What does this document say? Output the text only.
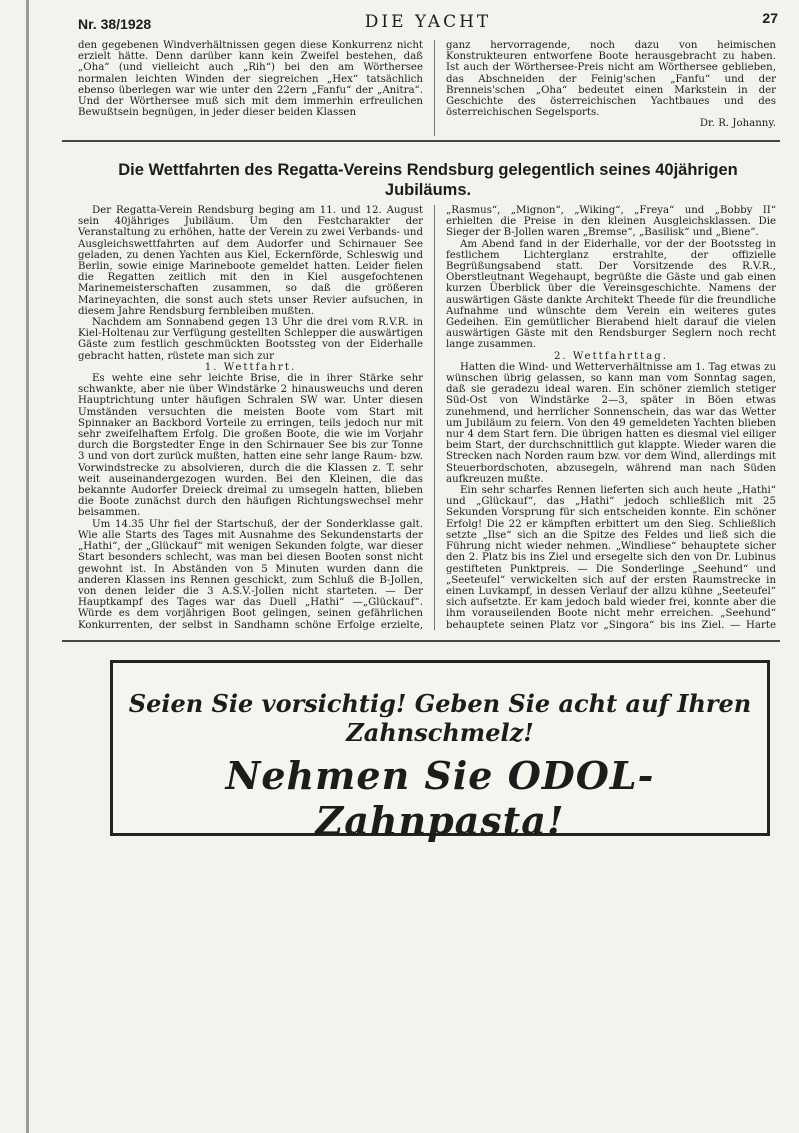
Nr. 38/1928	DIE YACHT	27

den gegebenen Windverhältnissen gegen diese Konkurrenz nicht erzielt hätte. Denn darüber kann kein Zweifel bestehen, daß „Oha“ (und vielleicht auch „Rih“) bei den am Wörthersee normalen leichten Winden der siegreichen „Hex“ tatsächlich ebenso überlegen war wie unter den 22ern „Fanfu“ der „Anitra“. Und der Wörthersee muß sich mit dem immerhin erfreulichen Bewußtsein begnügen, in jeder dieser beiden Klassen

ganz hervorragende, noch dazu von heimischen Konstrukteuren entworfene Boote herausgebracht zu haben. Ist auch der Wörthersee-Preis nicht am Wörthersee geblieben, das Abschneiden der Feinig'schen „Fanfu“ und der Brenneis'schen „Oha“ bedeutet einen Markstein in der Geschichte des österreichischen Yachtbaues und des österreichischen Segelsports.

Dr. R. Johanny.

Die Wettfahrten des Regatta-Vereins Rendsburg gelegentlich seines 40jährigen Jubiläums.

Der Regatta-Verein Rendsburg beging am 11. und 12. August sein 40jähriges Jubiläum. Um den Festcharakter der Veranstaltung zu erhöhen, hatte der Verein zu zwei Verbands- und Ausgleichswettfahrten auf dem Audorfer und Schirnauer See geladen, zu denen Yachten aus Kiel, Eckernförde, Schleswig und Berlin, sowie einige Marineboote gemeldet hatten. Leider fielen die Regatten zeitlich mit den in Kiel ausgefochtenen Marinemeisterschaften zusammen, so daß die größeren Marineyachten, die sonst auch stets unser Revier aufsuchen, in diesem Jahre Rendsburg fernbleiben mußten.

Nachdem am Sonnabend gegen 13 Uhr die drei vom R.V.R. in Kiel-Holtenau zur Verfügung gestellten Schlepper die auswärtigen Gäste zum festlich geschmückten Bootssteg von der Eiderhalle gebracht hatten, rüstete man sich zur

1. Wettfahrt.

Es wehte eine sehr leichte Brise, die in ihrer Stärke sehr schwankte, aber nie über Windstärke 2 hinausweuchs und deren Hauptrichtung unter häufigen Schralen SW war. Unter diesen Umständen versuchten die meisten Boote vom Start mit Spinnaker an Backbord Vorteile zu erringen, teils jedoch nur mit sehr zweifelhaftem Erfolg. Die großen Boote, die wie im Vorjahr durch die Borgstedter Enge in den Schirnauer See bis zur Tonne 3 und von dort zurück mußten, hatten eine sehr lange Raum- bzw. Vorwindstrecke zu absolvieren, durch die die Klassen z. T. sehr weit auseinandergezogen wurden. Bei den Kleinen, die das bekannte Audorfer Dreieck dreimal zu umsegeln hatten, blieben die Boote zunächst durch den häufigen Richtungswechsel mehr beisammen.

Um 14.35 Uhr fiel der Startschuß, der der Sonderklasse galt. Wie alle Starts des Tages mit Ausnahme des Sekundenstarts der „Hathi“, der „Glückauf“ mit wenigen Sekunden folgte, war dieser Start besonders schlecht, was man bei diesen Booten sonst nicht gewohnt ist. In Abständen von 5 Minuten wurden dann die anderen Klassen ins Rennen geschickt, zum Schluß die B-Jollen, von denen leider die 3 A.S.V.-Jollen nicht starteten. — Der Hauptkampf des Tages war das Duell „Hathi“ —„Glückauf“. Würde es dem vorjährigen Boot gelingen, seinen gefährlichen Konkurrenten, der selbst in Sandhamn schöne Erfolge erzielte,

„Rasmus“, „Mignon“, „Wiking“, „Freya“ und „Bobby II“ erhielten die Preise in den kleinen Ausgleichsklassen. Die Sieger der B-Jollen waren „Bremse“, „Basilisk“ und „Biene“.

Am Abend fand in der Eiderhalle, vor der der Bootssteg in festlichem Lichterglanz erstrahlte, der offizielle Begrüßungsabend statt. Der Vorsitzende des R.V.R., Oberstleutnant Wegehaupt, begrüßte die Gäste und gab einen kurzen Überblick über die Vereinsgeschichte. Namens der auswärtigen Gäste dankte Architekt Theede für die freundliche Aufnahme und wünschte dem Verein ein weiteres gutes Gedeihen. Ein gemütlicher Bierabend hielt darauf die vielen auswärtigen Gäste mit den Rendsburger Seglern noch recht lange zusammen.

2. Wettfahrttag.

Hatten die Wind- und Wetterverhältnisse am 1. Tag etwas zu wünschen übrig gelassen, so kann man vom Sonntag sagen, daß sie geradezu ideal waren. Ein schöner ziemlich stetiger Süd-Ost von Windstärke 2—3, später in Böen etwas zunehmend, und herrlicher Sonnenschein, das war das Wetter um Jubiläum zu feiern. Von den 49 gemeldeten Yachten blieben nur 4 dem Start fern. Die übrigen hatten es diesmal viel eiliger beim Start, der durchschnittlich gut klappte. Wieder waren die Strecken nach Norden raum bzw. vor dem Wind, allerdings mit Steuerbordschoten, abzusegeln, während man nach Süden aufkreuzen mußte.

Ein sehr scharfes Rennen lieferten sich auch heute „Hathi“ und „Glückauf“, das „Hathi“ jedoch schließlich mit 25 Sekunden Vorsprung für sich entscheiden konnte. Ein schöner Erfolg! Die 22 er kämpften erbittert um den Sieg. Schließlich setzte „Ilse“ sich an die Spitze des Feldes und ließ sich die Führung nicht wieder nehmen. „Windliese“ behauptete sicher den 2. Platz bis ins Ziel und ersegelte sich den von Dr. Lubinus gestifteten Punktpreis. — Die Sonderlinge „Seehund“ und „Seeteufel“ verwickelten sich auf der ersten Raumstrecke in einen Luvkampf, in dessen Verlauf der allzu kühne „Seeteufel“ sich aufsetzte. Er kam jedoch bald wieder frei, konnte aber die ihm vorauseilenden Boote nicht mehr erreichen. „Seehund“ behauptete seinen Platz vor „Singora“ bis ins Ziel. — Harte

Seien Sie vorsichtig! Geben Sie acht auf Ihren Zahnschmelz!
Nehmen Sie ODOL-Zahnpasta!
